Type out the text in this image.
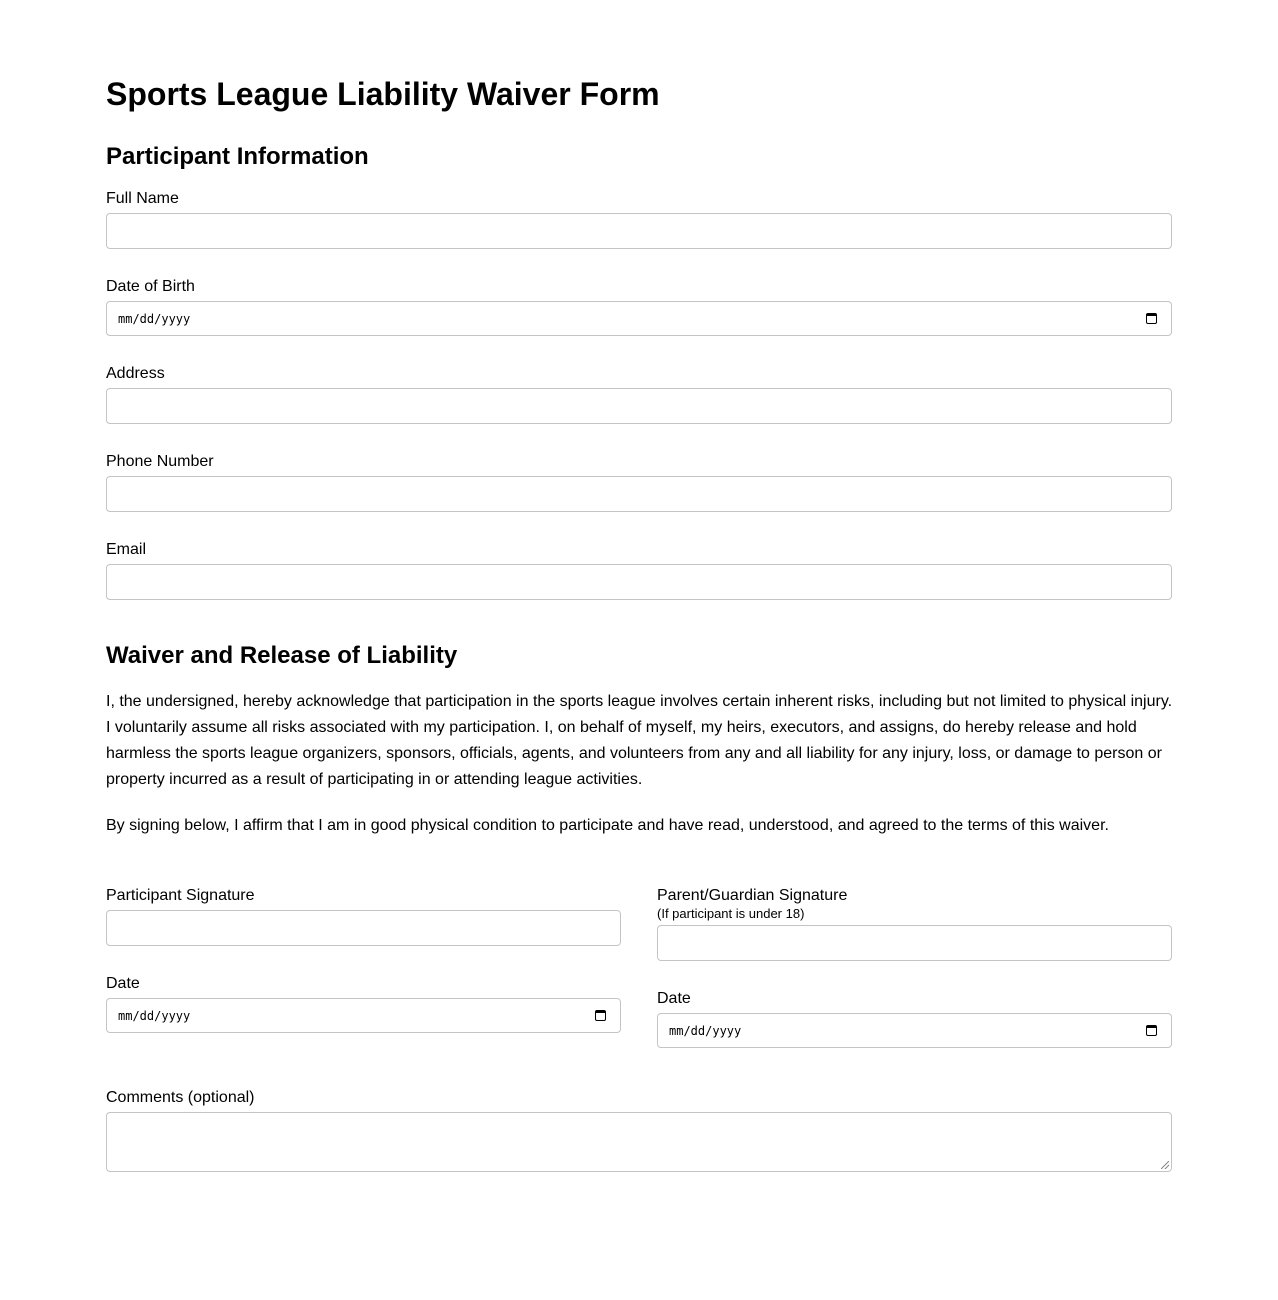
Sports League Liability Waiver Form
Participant Information
Full Name
Date of Birth
mm/dd/yyyy
Address
Phone Number
Email
Waiver and Release of Liability

I, the undersigned, hereby acknowledge that participation in the sports league involves certain inherent risks, including but not limited to physical injury. I voluntarily assume all risks associated with my participation. I, on behalf of myself, my heirs, executors, and assigns, do hereby release and hold harmless the sports league organizers, sponsors, officials, agents, and volunteers from any and all liability for any injury, loss, or damage to person or property incurred as a result of participating in or attending league activities.

By signing below, I affirm that I am in good physical condition to participate and have read, understood, and agreed to the terms of this waiver.

Participant Signature
Date
mm/dd/yyyy
Parent/Guardian Signature
(If participant is under 18)
Date
mm/dd/yyyy
Comments (optional)
